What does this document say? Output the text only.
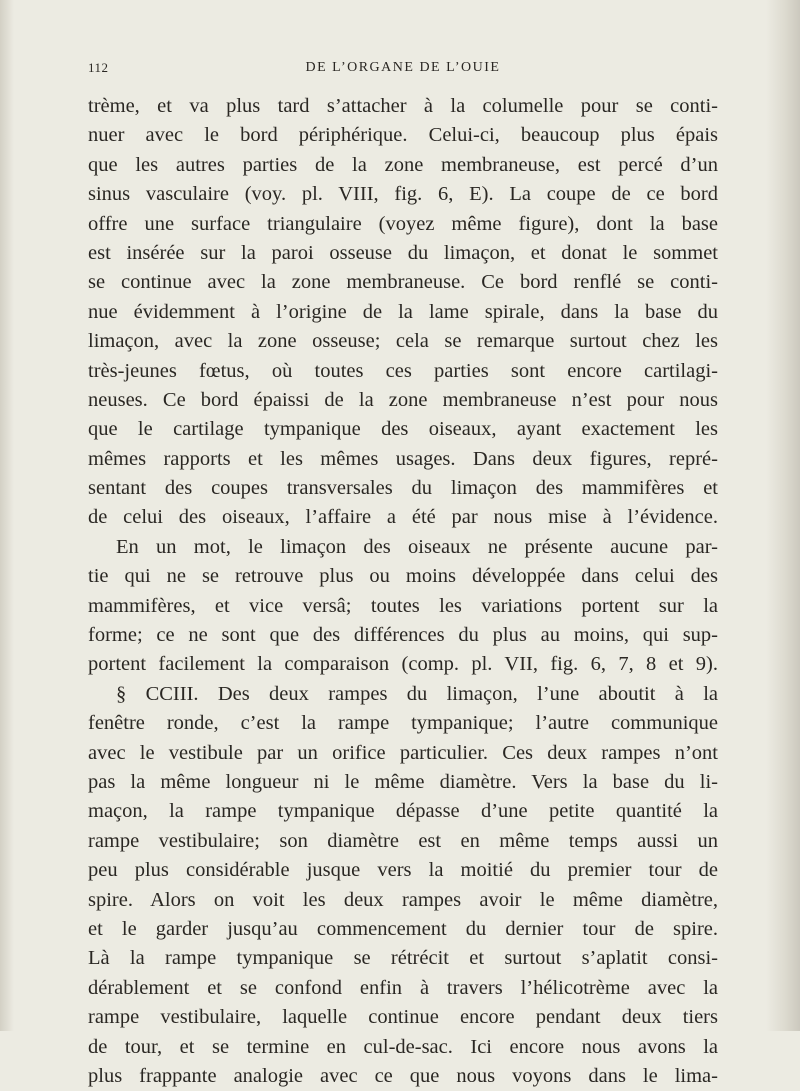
112	DE L’ORGANE DE L’OUIE
trème, et va plus tard s’attacher à la columelle pour se conti-
nuer avec le bord périphérique. Celui-ci, beaucoup plus épais
que les autres parties de la zone membraneuse, est percé d’un
sinus vasculaire (voy. pl. VIII, fig. 6, E). La coupe de ce bord
offre une surface triangulaire (voyez même figure), dont la base
est insérée sur la paroi osseuse du limaçon, et donat le sommet
se continue avec la zone membraneuse. Ce bord renflé se conti-
nue évidemment à l’origine de la lame spirale, dans la base du
limaçon, avec la zone osseuse; cela se remarque surtout chez les
très-jeunes fœtus, où toutes ces parties sont encore cartilagi-
neuses. Ce bord épaissi de la zone membraneuse n’est pour nous
que le cartilage tympanique des oiseaux, ayant exactement les
mêmes rapports et les mêmes usages. Dans deux figures, repré-
sentant des coupes transversales du limaçon des mammifères et
de celui des oiseaux, l’affaire a été par nous mise à l’évidence.
En un mot, le limaçon des oiseaux ne présente aucune par-
tie qui ne se retrouve plus ou moins développée dans celui des
mammifères, et vice versâ; toutes les variations portent sur la
forme; ce ne sont que des différences du plus au moins, qui sup-
portent facilement la comparaison (comp. pl. VII, fig. 6, 7, 8 et 9).
§ CCIII. Des deux rampes du limaçon, l’une aboutit à la
fenêtre ronde, c’est la rampe tympanique; l’autre communique
avec le vestibule par un orifice particulier. Ces deux rampes n’ont
pas la même longueur ni le même diamètre. Vers la base du li-
maçon, la rampe tympanique dépasse d’une petite quantité la
rampe vestibulaire; son diamètre est en même temps aussi un
peu plus considérable jusque vers la moitié du premier tour de
spire. Alors on voit les deux rampes avoir le même diamètre,
et le garder jusqu’au commencement du dernier tour de spire.
Là la rampe tympanique se rétrécit et surtout s’aplatit consi-
dérablement et se confond enfin à travers l’hélicotrème avec la
rampe vestibulaire, laquelle continue encore pendant deux tiers
de tour, et se termine en cul-de-sac. Ici encore nous avons la
plus frappante analogie avec ce que nous voyons dans le lima-
